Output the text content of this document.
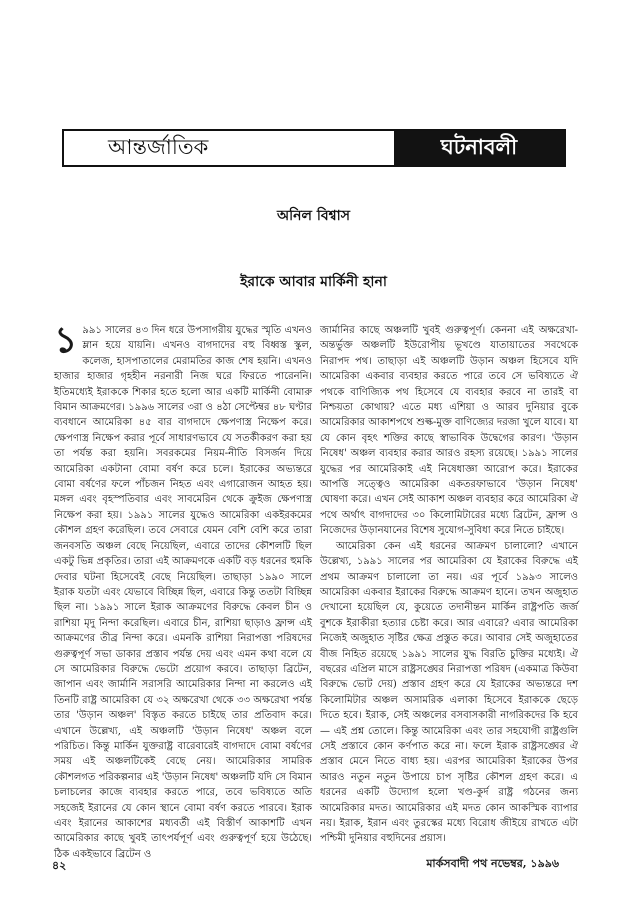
আন্তর্জাতিক	ঘটনাবলী
অনিল বিশ্বাস
ইরাকে আবার মার্কিনী হানা

১ ৯৯১ সালের ৪৩ দিন ধরে উপসাগরীয় যুদ্ধের স্মৃতি এখনও ম্লান হয়ে যায়নি। এখনও বাগদাদের বহু বিধ্বস্ত স্কুল, কলেজ, হাসপাতালের মেরামতির কাজ শেষ হয়নি। এখনও হাজার হাজার গৃহহীন নরনারী নিজ ঘরে ফিরতে পারেননি। ইতিমধ্যেই ইরাককে শিকার হতে হলো আর একটি মার্কিনী বোমারু বিমান আক্রমণের। ১৯৯৬ সালের ৩রা ও ৪ঠা সেপ্টেম্বর ৪৮ ঘণ্টার ব্যবধানে আমেরিকা ৪৫ বার বাগদাদে ক্ষেপণাস্ত্র নিক্ষেপ করে। ক্ষেপণাস্ত্র নিক্ষেপ করার পূর্বে সাধারণভাবে যে সতর্কীকরণ করা হয় তা পর্যন্ত করা হয়নি। সবরকমের নিয়ম-নীতি বিসর্জন দিয়ে আমেরিকা একটানা বোমা বর্ষণ করে চলে। ইরাকের অভ্যন্তরে বোমা বর্ষণের ফলে পাঁচজন নিহত এবং এগারোজন আহত হয়। মঙ্গল এবং বৃহস্পতিবার এবং সাবমেরিন থেকে ক্রুইজ ক্ষেপণাস্ত্র নিক্ষেপ করা হয়। ১৯৯১ সালের যুদ্ধেও আমেরিকা একইরকমের কৌশল গ্রহণ করেছিল। তবে সেবারে যেমন বেশি বেশি করে তারা জনবসতি অঞ্চল বেছে নিয়েছিল, এবারে তাদের কৌশলটি ছিল একটু ভিন্ন প্রকৃতির। তারা এই আক্রমণকে একটি বড় ধরনের হুমকি দেবার ঘটনা হিসেবেই বেছে নিয়েছিল। তাছাড়া ১৯৯০ সালে ইরাক যতটা এবং যেভাবে বিচ্ছিন্ন ছিল, এবারে কিন্তু ততটা বিচ্ছিন্ন ছিল না। ১৯৯১ সালে ইরাক আক্রমণের বিরুদ্ধে কেবল চীন ও রাশিয়া মৃদু নিন্দা করেছিল। এবারে চীন, রাশিয়া ছাড়াও ফ্রান্স এই আক্রমণের তীব্র নিন্দা করে। এমনকি রাশিয়া নিরাপত্তা পরিষদের গুরুত্বপূর্ণ সভা ডাকার প্রস্তাব পর্যন্ত দেয় এবং এমন কথা বলে যে সে আমেরিকার বিরুদ্ধে ভেটো প্রয়োগ করবে। তাছাড়া ব্রিটেন, জাপান এবং জার্মানি সরাসরি আমেরিকার নিন্দা না করলেও এই তিনটি রাষ্ট্র আমেরিকা যে ৩২ অক্ষরেখা থেকে ৩৩ অক্ষরেখা পর্যন্ত তার 'উড়ান অঞ্চল' বিস্তৃত করতে চাইছে তার প্রতিবাদ করে। এখানে উল্লেখ্য, এই অঞ্চলটি 'উড়ান নিষেধ' অঞ্চল বলে পরিচিত। কিন্তু মার্কিন যুক্তরাষ্ট্র বারেবারেই বাগদাদে বোমা বর্ষণের সময় এই অঞ্চলটিকেই বেছে নেয়। আমেরিকার সামরিক কৌশলগত পরিকল্পনার এই 'উড়ান নিষেধ' অঞ্চলটি যদি সে বিমান চলাচলের কাজে ব্যবহার করতে পারে, তবে ভবিষ্যতে অতি সহজেই ইরানের যে কোন স্থানে বোমা বর্ষণ করতে পারবে। ইরাক এবং ইরানের আকাশের মধ্যবর্তী এই বিস্তীর্ণ আকাশটি এখন আমেরিকার কাছে খুবই তাৎপর্যপূর্ণ এবং গুরুত্বপূর্ণ হয়ে উঠেছে। ঠিক একইভাবে ব্রিটেন ও

জার্মানির কাছে অঞ্চলটি খুবই গুরুত্বপূর্ণ। কেননা এই অক্ষরেখা-অন্তর্ভুক্ত অঞ্চলটি ইউরোপীয় ভূখণ্ডে যাতায়াতের সবথেকে নিরাপদ পথ। তাছাড়া এই অঞ্চলটি উড়ান অঞ্চল হিসেবে যদি আমেরিকা একবার ব্যবহার করতে পারে তবে সে ভবিষ্যতে ঐ পথকে বাণিজ্যিক পথ হিসেবে যে ব্যবহার করবে না তারই বা নিশ্চয়তা কোথায়? এতে মধ্য এশিয়া ও আরব দুনিয়ার বুকে আমেরিকার আকাশপথে শুল্ক-মুক্ত বাণিজ্যের দরজা খুলে যাবে। যা যে কোন বৃহৎ শক্তির কাছে স্বাভাবিক উদ্বেগের কারণ। 'উড়ান নিষেধ' অঞ্চল ব্যবহার করার আরও রহস্য রয়েছে। ১৯৯১ সালের যুদ্ধের পর আমেরিকাই এই নিষেধাজ্ঞা আরোপ করে। ইরাকের আপত্তি সত্ত্বেও আমেরিকা একতরফাভাবে 'উড়ান নিষেধ' ঘোষণা করে। এখন সেই আকাশ অঞ্চল ব্যবহার করে আমেরিকা ঐ পথে অর্থাৎ বাগদাদের ৩০ কিলোমিটারের মধ্যে ব্রিটেন, ফ্রান্স ও নিজেদের উড়ানযানের বিশেষ সুযোগ-সুবিধা করে নিতে চাইছে।

আমেরিকা কেন এই ধরনের আক্রমণ চালালো? এখানে উল্লেখ্য, ১৯৯১ সালের পর আমেরিকা যে ইরাকের বিরুদ্ধে এই প্রথম আক্রমণ চালালো তা নয়। এর পূর্বে ১৯৯৩ সালেও আমেরিকা একবার ইরাকের বিরুদ্ধে আক্রমণ হানে। তখন অজুহাত দেখানো হয়েছিল যে, কুয়েতে তদানীন্তন মার্কিন রাষ্ট্রপতি জর্জ বুশকে ইরাকীরা হত্যার চেষ্টা করে। আর এবারে? এবার আমেরিকা নিজেই অজুহাত সৃষ্টির ক্ষেত্র প্রস্তুত করে। আবার সেই অজুহাতের বীজ নিহিত রয়েছে ১৯৯১ সালের যুদ্ধ বিরতি চুক্তির মধ্যেই। ঐ বছরের এপ্রিল মাসে রাষ্ট্রসঙ্ঘের নিরাপত্তা পরিষদ (একমাত্র কিউবা বিরুদ্ধে ভোট দেয়) প্রস্তাব গ্রহণ করে যে ইরাকের অভ্যন্তরে দশ কিলোমিটার অঞ্চল অসামরিক এলাকা হিসেবে ইরাককে ছেড়ে দিতে হবে। ইরাক, সেই অঞ্চলের বসবাসকারী নাগরিকদের কি হবে — এই প্রশ্ন তোলে। কিন্তু আমেরিকা এবং তার সহযোগী রাষ্ট্রগুলি সেই প্রস্তাবে কোন কর্ণপাত করে না। ফলে ইরাক রাষ্ট্রসঙ্ঘের ঐ প্রস্তাব মেনে নিতে বাধ্য হয়। এরপর আমেরিকা ইরাকের উপর আরও নতুন নতুন উপায়ে চাপ সৃষ্টির কৌশল গ্রহণ করে। এ ধরনের একটি উদ্যোগ হলো খণ্ড-কুর্দ রাষ্ট্র গঠনের জন্য আমেরিকার মদত। আমেরিকার এই মদত কোন আকস্মিক ব্যাপার নয়। ইরাক, ইরান এবং তুরস্কের মধ্যে বিরোধ জীইয়ে রাখতে এটা পশ্চিমী দুনিয়ার বহুদিনের প্রয়াস।

৪২	মার্কসবাদী পথ নভেম্বর, ১৯৯৬
